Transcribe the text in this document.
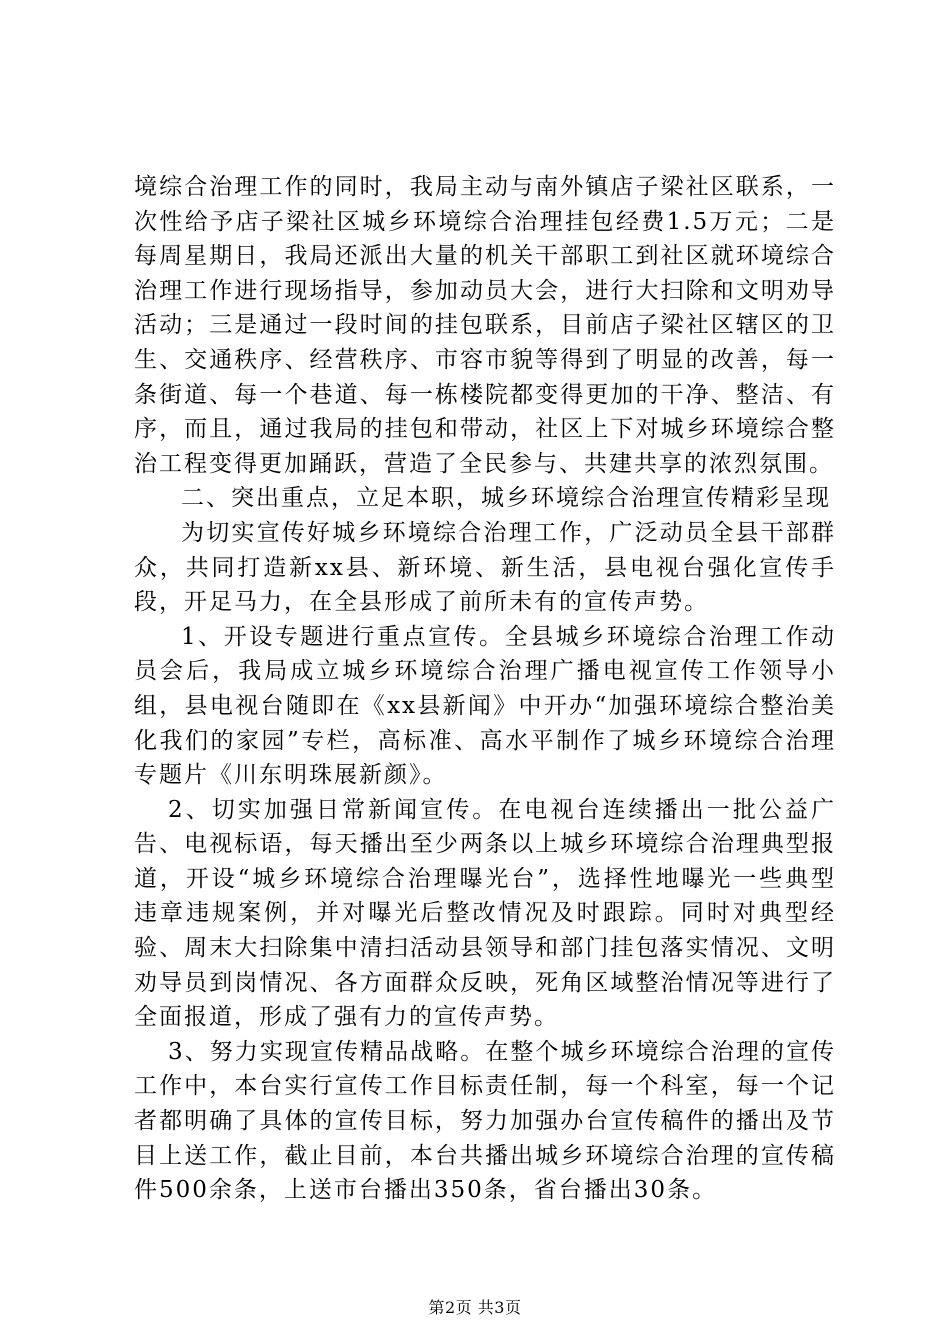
境综合治理工作的同时，我局主动与南外镇店子梁社区联系，一次性给予店子梁社区城乡环境综合治理挂包经费1.5万元；二是每周星期日，我局还派出大量的机关干部职工到社区就环境综合治理工作进行现场指导，参加动员大会，进行大扫除和文明劝导活动；三是通过一段时间的挂包联系，目前店子梁社区辖区的卫生、交通秩序、经营秩序、市容市貌等得到了明显的改善，每一条街道、每一个巷道、每一栋楼院都变得更加的干净、整洁、有序，而且，通过我局的挂包和带动，社区上下对城乡环境综合整治工程变得更加踊跃，营造了全民参与、共建共享的浓烈氛围。

二、突出重点，立足本职，城乡环境综合治理宣传精彩呈现

为切实宣传好城乡环境综合治理工作，广泛动员全县干部群众，共同打造新xx县、新环境、新生活，县电视台强化宣传手段，开足马力，在全县形成了前所未有的宣传声势。

1、开设专题进行重点宣传。全县城乡环境综合治理工作动员会后，我局成立城乡环境综合治理广播电视宣传工作领导小组，县电视台随即在《xx县新闻》中开办“加强环境综合整治美化我们的家园”专栏，高标准、高水平制作了城乡环境综合治理专题片《川东明珠展新颜》。

2、切实加强日常新闻宣传。在电视台连续播出一批公益广告、电视标语，每天播出至少两条以上城乡环境综合治理典型报道，开设“城乡环境综合治理曝光台”，选择性地曝光一些典型违章违规案例，并对曝光后整改情况及时跟踪。同时对典型经验、周末大扫除集中清扫活动县领导和部门挂包落实情况、文明劝导员到岗情况、各方面群众反映，死角区域整治情况等进行了全面报道，形成了强有力的宣传声势。

3、努力实现宣传精品战略。在整个城乡环境综合治理的宣传工作中，本台实行宣传工作目标责任制，每一个科室，每一个记者都明确了具体的宣传目标，努力加强办台宣传稿件的播出及节目上送工作，截止目前，本台共播出城乡环境综合治理的宣传稿件500余条，上送市台播出350条，省台播出30条。

第2页 共3页
